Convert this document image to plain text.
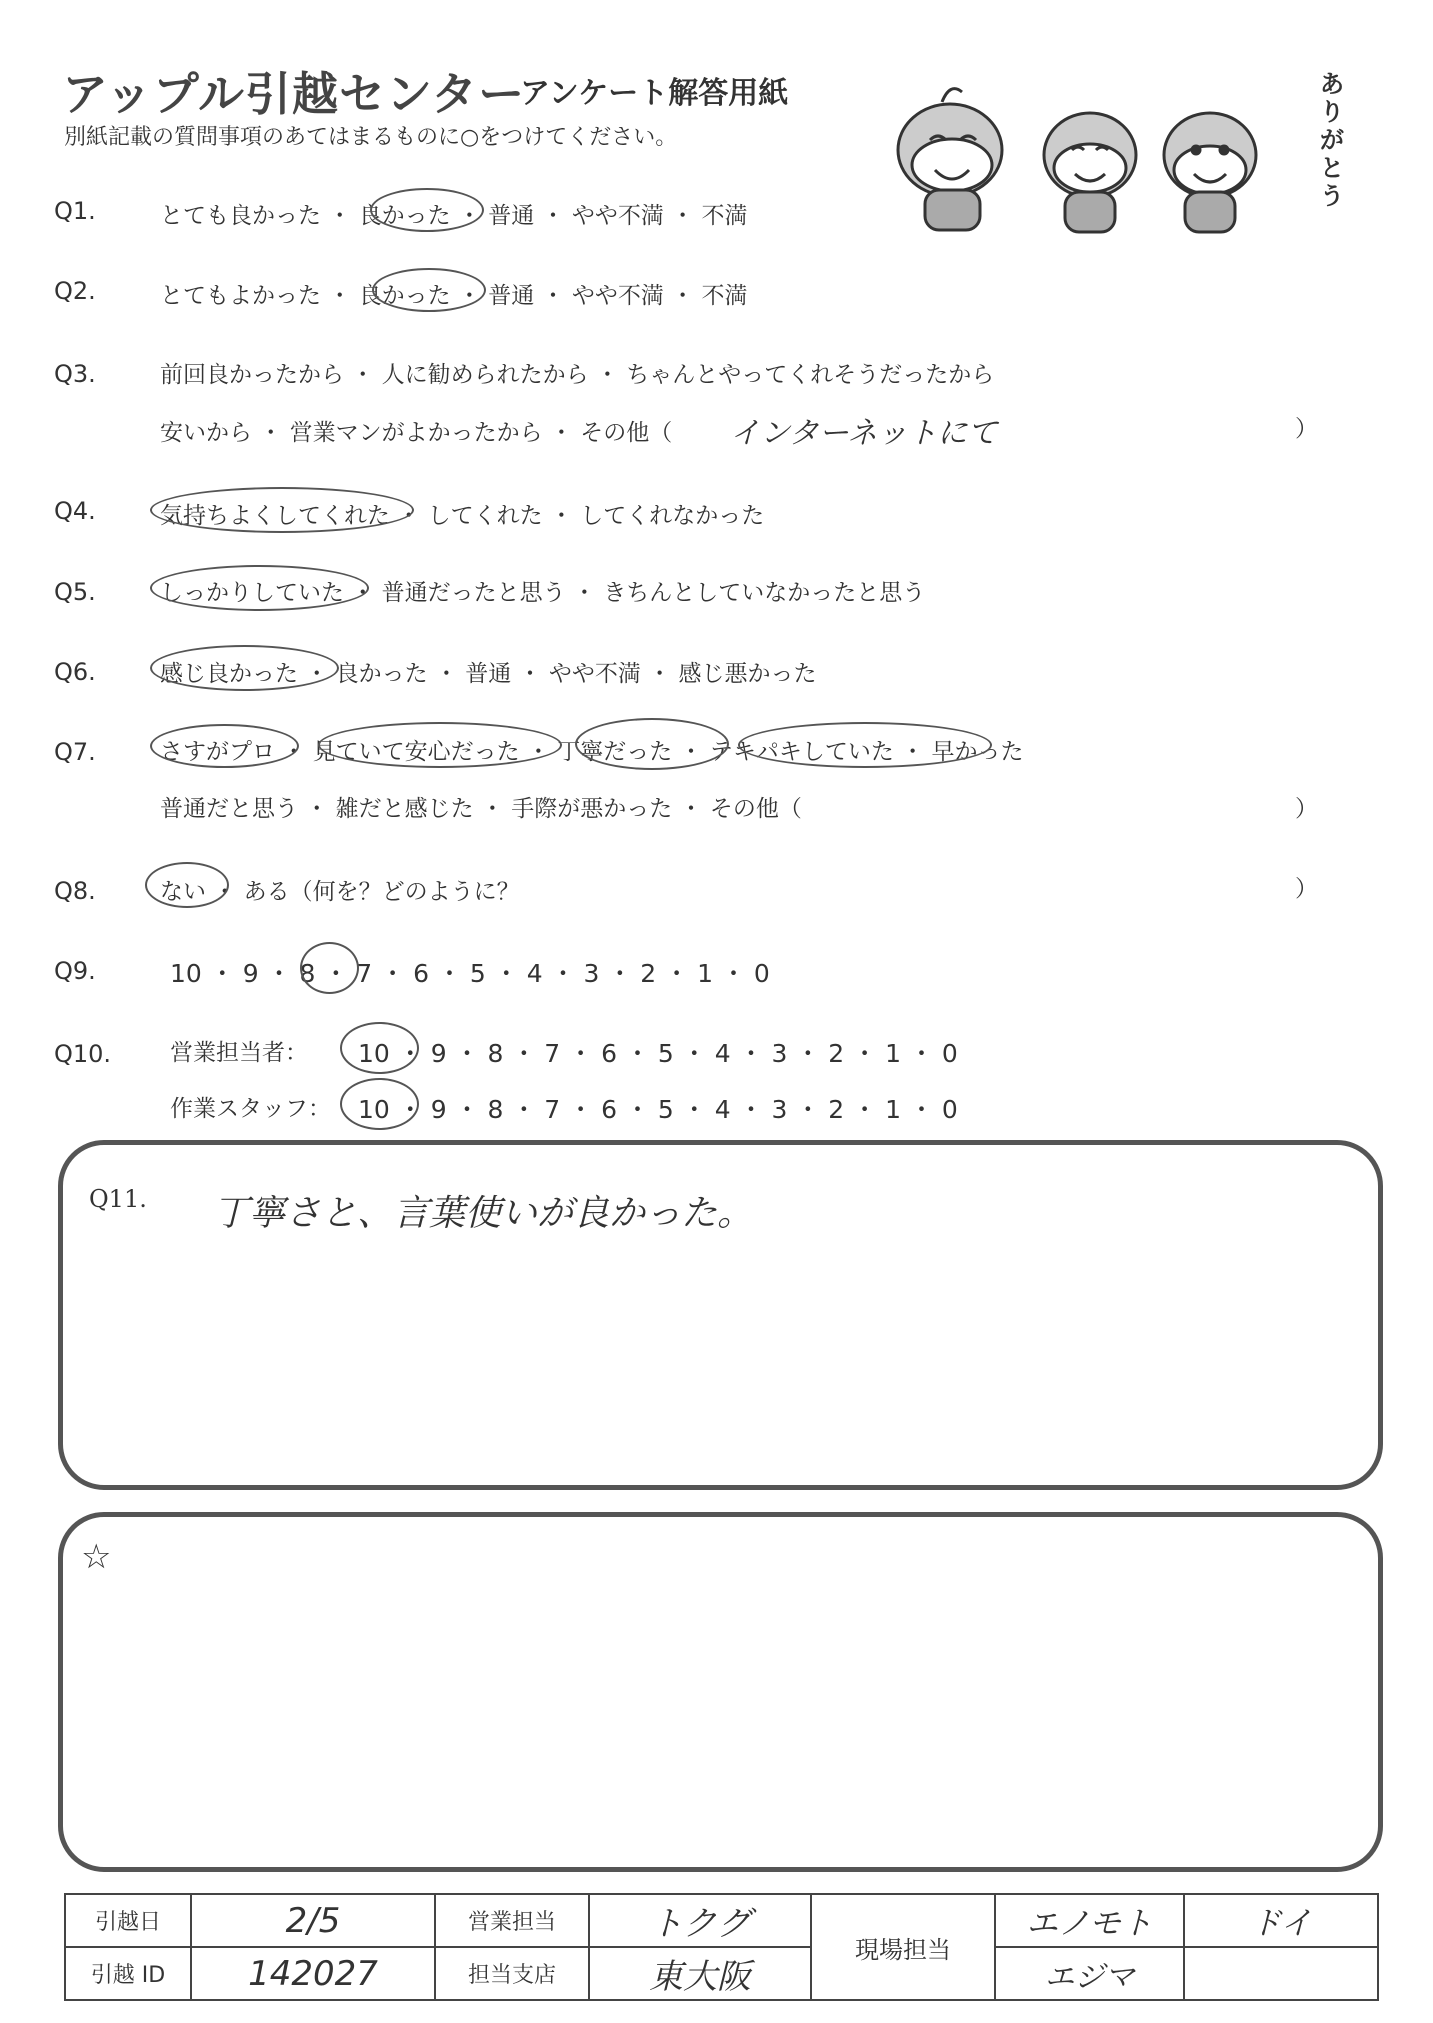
アップル引越センター
アンケート解答用紙
別紙記載の質問事項のあてはまるものに○をつけてください。
ありがとう
Q1.	とても良かった ・ 良かった ・ 普通 ・ やや不満 ・ 不満
Q2.	とてもよかった ・ 良かった ・ 普通 ・ やや不満 ・ 不満
Q3.	前回良かったから ・ 人に勧められたから ・ ちゃんとやってくれそうだったから
安いから ・ 営業マンがよかったから ・ その他（ インターネットにて	）
Q4.	気持ちよくしてくれた ・ してくれた ・ してくれなかった
Q5.	しっかりしていた ・ 普通だったと思う ・ きちんとしていなかったと思う
Q6.	感じ良かった ・ 良かった ・ 普通 ・ やや不満 ・ 感じ悪かった
Q7.	さすがプロ ・ 見ていて安心だった ・ 丁寧だった ・ テキパキしていた ・ 早かった
普通だと思う ・ 雑だと感じた ・ 手際が悪かった ・ その他（	）
Q8.	ない ・ ある（何を？どのように？	）
Q9.	10 ・ 9 ・ 8 ・ 7 ・ 6 ・ 5 ・ 4 ・ 3 ・ 2 ・ 1 ・ 0
Q10.	営業担当者： 10 ・ 9 ・ 8 ・ 7 ・ 6 ・ 5 ・ 4 ・ 3 ・ 2 ・ 1 ・ 0
作業スタッフ： 10 ・ 9 ・ 8 ・ 7 ・ 6 ・ 5 ・ 4 ・ 3 ・ 2 ・ 1 ・ 0
Q11. 丁寧さと、言葉使いが良かった。
☆
引越日	2/5	営業担当	トクグ	現場担当	エノモト	ドイ
引越 ID	142027	担当支店	東大阪		エジマ	
